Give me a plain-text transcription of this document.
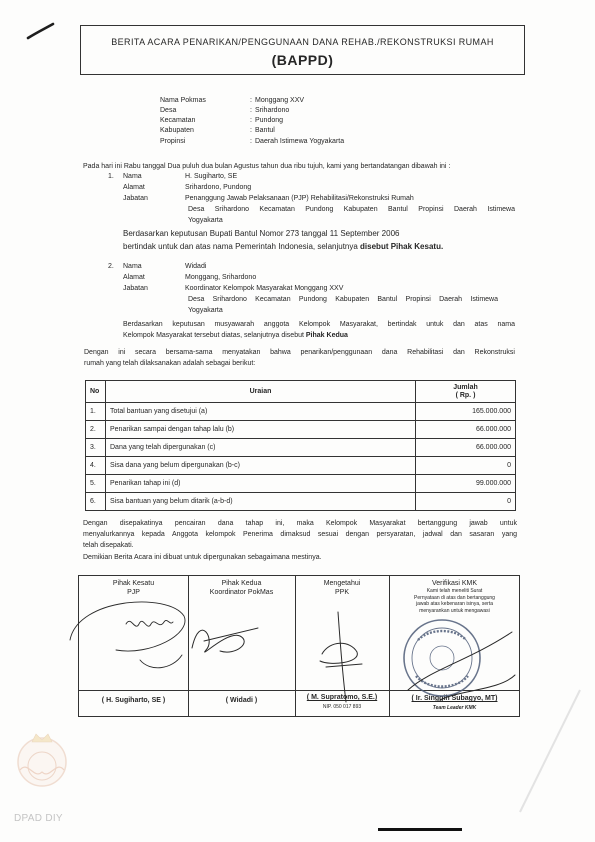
BERITA ACARA PENARIKAN/PENGGUNAAN DANA REHAB./REKONSTRUKSI RUMAH
(BAPPD)
Nama Pokmas	: Monggang XXV
Desa	: Srihardono
Kecamatan	: Pundong
Kabupaten	: Bantul
Propinsi	: Daerah Istimewa Yogyakarta
Pada hari ini Rabu tanggal Dua puluh dua bulan Agustus tahun dua ribu tujuh, kami yang bertandatangan dibawah ini :
1. Nama	H. Sugiharto, SE
Alamat	Srihardono, Pundong
Jabatan	Penanggung Jawab Pelaksanaan (PJP) Rehabilitasi/Rekonstruksi Rumah
Desa Srihardono Kecamatan Pundong Kabupaten Bantul Propinsi Daerah Istimewa
Yogyakarta
Berdasarkan keputusan Bupati Bantul Nomor 273 tanggal 11 September 2006
bertindak untuk dan atas nama Pemerintah Indonesia, selanjutnya disebut Pihak Kesatu.
2. Nama	Widadi
Alamat	Monggang, Srihardono
Jabatan	Koordinator Kelompok Masyarakat Monggang XXV
Desa Srihardono Kecamatan Pundong Kabupaten Bantul Propinsi Daerah Istimewa
Yogyakarta
Berdasarkan keputusan musyawarah anggota Kelompok Masyarakat, bertindak untuk dan atas nama
Kelompok Masyarakat tersebut diatas, selanjutnya disebut Pihak Kedua
Dengan ini secara bersama-sama menyatakan bahwa penarikan/penggunaan dana Rehabilitasi dan Rekonstruksi
rumah yang telah dilaksanakan adalah sebagai berikut:
No	Uraian	Jumlah
( Rp. )
1.	Total bantuan yang disetujui (a)	165.000.000
2.	Penarikan sampai dengan tahap lalu (b)	66.000.000
3.	Dana yang telah dipergunakan (c)	66.000.000
4.	Sisa dana yang belum dipergunakan (b-c)	0
5.	Penarikan tahap ini (d)	99.000.000
6.	Sisa bantuan yang belum ditarik (a-b-d)	0
Dengan disepakatinya pencairan dana tahap ini, maka Kelompok Masyarakat bertanggung jawab untuk
menyalurkannya kepada Anggota kelompok Penerima dimaksud sesuai dengan persyaratan, jadwal dan sasaran yang
telah disepakati.
Demikian Berita Acara ini dibuat untuk dipergunakan sebagaimana mestinya.
Pihak Kesatu
PJP
( H. Sugiharto, SE )
Pihak Kedua
Koordinator PokMas
( Widadi )
Mengetahui
PPK
( M. Supratomo, S.E.)
NIP. 050 017 893
Verifikasi KMK
Kami telah meneliti Surat
Pernyataan di atas dan bertanggung
jawab atas kebenaran isinya, serta
menyarankan untuk mengawasi
( Ir. Singgih Subagyo, MT)
Team Leader KMK
DPAD DIY
